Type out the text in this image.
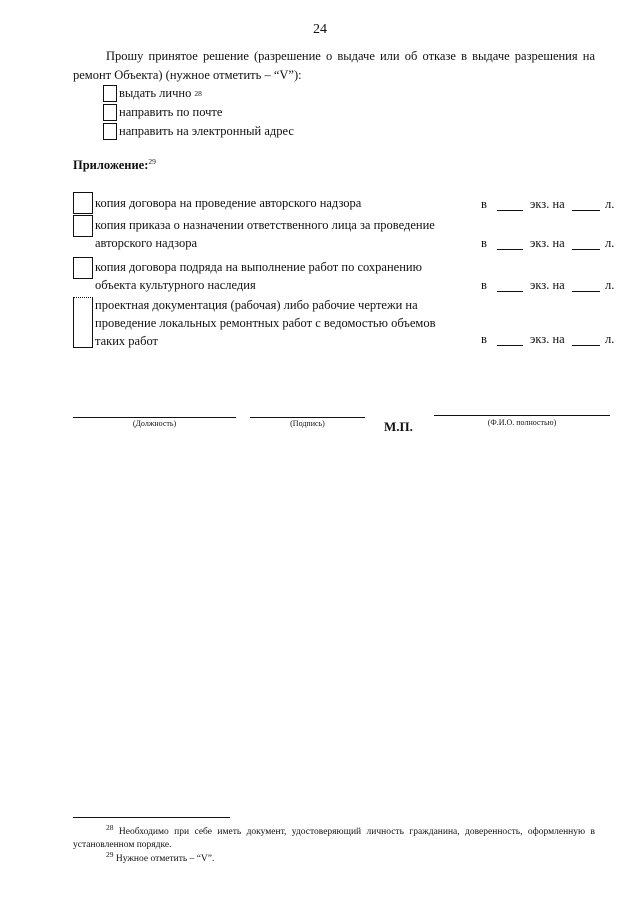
24
Прошу принятое решение (разрешение о выдаче или об отказе в выдаче разрешения на ремонт Объекта) (нужное отметить – “V”):
выдать лично 28
направить по почте
направить на электронный адрес
Приложение:$^{29}$
копия договора на проведение авторского надзора	в	экз. на	л.
копия приказа о назначении ответственного лица за проведение
авторского надзора	в	экз. на	л.
копия договора подряда на выполнение работ по сохранению
объекта культурного наследия	в	экз. на	л.
проектная документация (рабочая) либо рабочие чертежи на
проведение локальных ремонтных работ с ведомостью объемов
таких работ	в	экз. на	л.
(Должность)	(Подпись)	М.П.	(Ф.И.О. полностью)
$^{28}$ Необходимо при себе иметь документ, удостоверяющий личность гражданина, доверенность, оформленную в установленном порядке.
$^{29}$ Нужное отметить – “V”.
